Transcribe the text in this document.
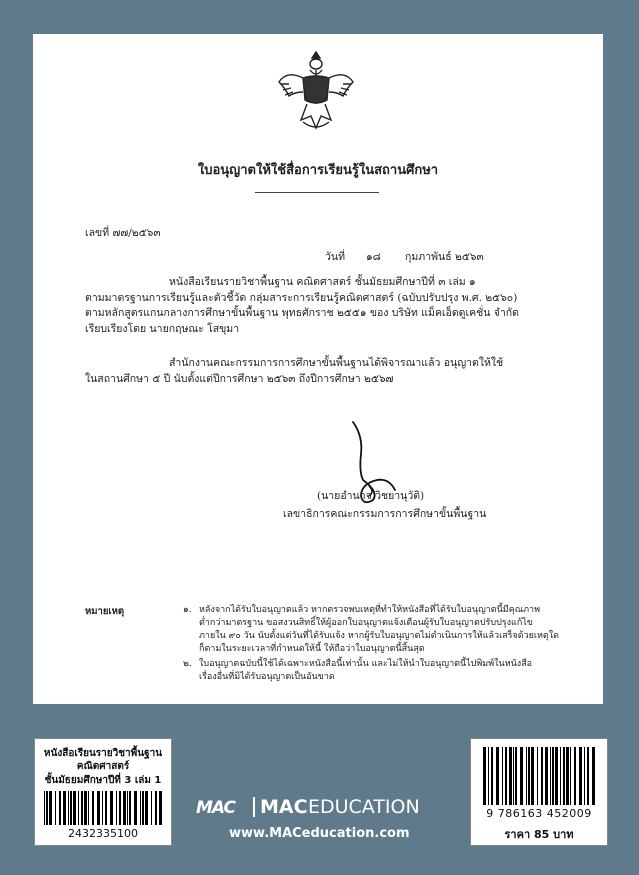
ใบอนุญาตให้ใช้สื่อการเรียนรู้ในสถานศึกษา
เลขที่ ๗๗/๒๕๖๓
วันที่ ๑๘ กุมภาพันธ์ ๒๕๖๓
หนังสือเรียนรายวิชาพื้นฐาน คณิตศาสตร์ ชั้นมัธยมศึกษาปีที่ ๓ เล่ม ๑
ตามมาตรฐานการเรียนรู้และตัวชี้วัด กลุ่มสาระการเรียนรู้คณิตศาสตร์ (ฉบับปรับปรุง พ.ศ. ๒๕๖๐)
ตามหลักสูตรแกนกลางการศึกษาขั้นพื้นฐาน พุทธศักราช ๒๕๕๑ ของ บริษัท แม็คเอ็ดดูเคชั่น จำกัด
เรียบเรียงโดย นายกฤษณะ โสขุมา
สำนักงานคณะกรรมการการศึกษาขั้นพื้นฐานได้พิจารณาแล้ว อนุญาตให้ใช้
ในสถานศึกษา ๕ ปี นับตั้งแต่ปีการศึกษา ๒๕๖๓ ถึงปีการศึกษา ๒๕๖๗
(นายอำนาจ วิชยานุวัติ)
เลขาธิการคณะกรรมการการศึกษาขั้นพื้นฐาน
หมายเหตุ	๑. หลังจากได้รับใบอนุญาตแล้ว หากตรวจพบเหตุที่ทำให้หนังสือที่ได้รับใบอนุญาตนี้มีคุณภาพ
ต่ำกว่ามาตรฐาน ขอสงวนสิทธิ์ให้ผู้ออกใบอนุญาตแจ้งเตือนผู้รับใบอนุญาตปรับปรุงแก้ไข
ภายใน ๙๐ วัน นับตั้งแต่วันที่ได้รับแจ้ง หากผู้รับใบอนุญาตไม่ดำเนินการให้แล้วเสร็จด้วยเหตุใด
ก็ตามในระยะเวลาที่กำหนดให้นี้ ให้ถือว่าใบอนุญาตนี้สิ้นสุด
๒. ใบอนุญาตฉบับนี้ใช้ได้เฉพาะหนังสือนี้เท่านั้น และไม่ให้นำใบอนุญาตนี้ไปพิมพ์ในหนังสือ
เรื่องอื่นที่มิได้รับอนุญาตเป็นอันขาด
หนังสือเรียนรายวิชาพื้นฐาน
คณิตศาสตร์
ชั้นมัธยมศึกษาปีที่ 3 เล่ม 1
2432335100
MAC MAC EDUCATION
www.MACeducation.com
9 786163 452009
ราคา 85 บาท
